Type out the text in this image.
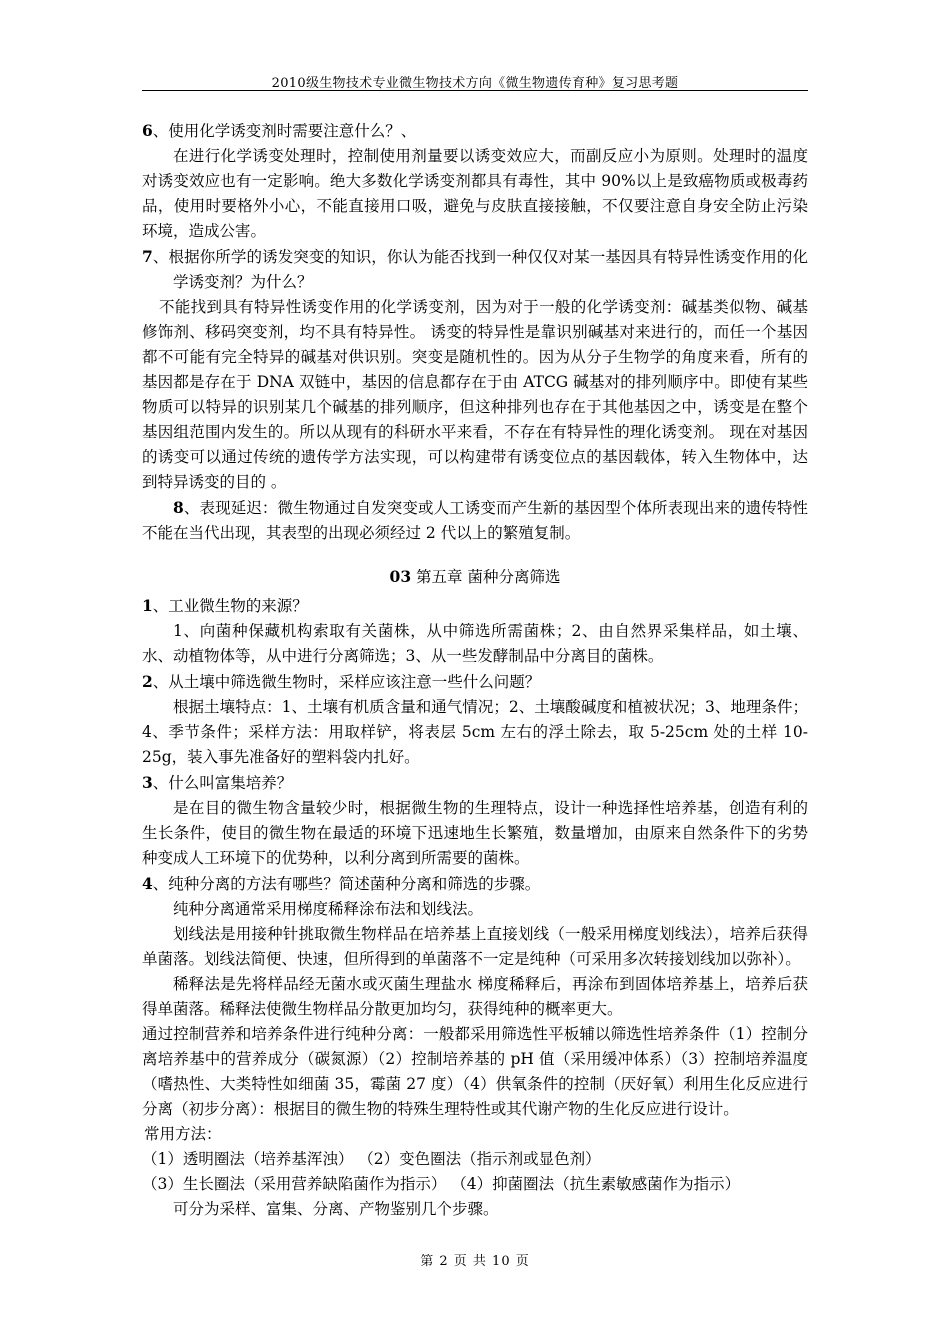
2010级生物技术专业微生物技术方向《微生物遗传育种》复习思考题

6、使用化学诱变剂时需要注意什么？、

在进行化学诱变处理时，控制使用剂量要以诱变效应大，而副反应小为原则。处理时的温度对诱变效应也有一定影响。绝大多数化学诱变剂都具有毒性，其中 90%以上是致癌物质或极毒药品，使用时要格外小心，不能直接用口吸，避免与皮肤直接接触，不仅要注意自身安全防止污染环境，造成公害。

7、根据你所学的诱发突变的知识，你认为能否找到一种仅仅对某一基因具有特异性诱变作用的化学诱变剂？为什么？

不能找到具有特异性诱变作用的化学诱变剂，因为对于一般的化学诱变剂：碱基类似物、碱基修饰剂、移码突变剂，均不具有特异性。 诱变的特异性是靠识别碱基对来进行的，而任一个基因都不可能有完全特异的碱基对供识别。突变是随机性的。因为从分子生物学的角度来看，所有的基因都是存在于 DNA 双链中，基因的信息都存在于由 ATCG 碱基对的排列顺序中。即使有某些物质可以特异的识别某几个碱基的排列顺序，但这种排列也存在于其他基因之中，诱变是在整个基因组范围内发生的。所以从现有的科研水平来看，不存在有特异性的理化诱变剂。 现在对基因的诱变可以通过传统的遗传学方法实现，可以构建带有诱变位点的基因载体，转入生物体中，达到特异诱变的目的 。

8、表现延迟：微生物通过自发突变或人工诱变而产生新的基因型个体所表现出来的遗传特性不能在当代出现，其表型的出现必须经过 2 代以上的繁殖复制。

03 第五章 菌种分离筛选

1、工业微生物的来源？

1、向菌种保藏机构索取有关菌株，从中筛选所需菌株；2、由自然界采集样品，如土壤、水、动植物体等，从中进行分离筛选；3、从一些发酵制品中分离目的菌株。

2、从土壤中筛选微生物时，采样应该注意一些什么问题？

根据土壤特点：1、土壤有机质含量和通气情况；2、土壤酸碱度和植被状况；3、地理条件；4、季节条件；采样方法：用取样铲，将表层 5cm 左右的浮土除去，取 5-25cm 处的土样 10-25g，装入事先准备好的塑料袋内扎好。

3、什么叫富集培养？

是在目的微生物含量较少时，根据微生物的生理特点，设计一种选择性培养基，创造有利的生长条件，使目的微生物在最适的环境下迅速地生长繁殖，数量增加，由原来自然条件下的劣势种变成人工环境下的优势种，以利分离到所需要的菌株。

4、纯种分离的方法有哪些？简述菌种分离和筛选的步骤。

纯种分离通常采用梯度稀释涂布法和划线法。

划线法是用接种针挑取微生物样品在培养基上直接划线（一般采用梯度划线法），培养后获得单菌落。划线法简便、快速，但所得到的单菌落不一定是纯种（可采用多次转接划线加以弥补）。

稀释法是先将样品经无菌水或灭菌生理盐水 梯度稀释后，再涂布到固体培养基上，培养后获得单菌落。稀释法使微生物样品分散更加均匀，获得纯种的概率更大。

通过控制营养和培养条件进行纯种分离：一般都采用筛选性平板辅以筛选性培养条件（1）控制分离培养基中的营养成分（碳氮源）（2）控制培养基的 pH 值（采用缓冲体系）（3）控制培养温度（嗜热性、大类特性如细菌 35，霉菌 27 度）（4）供氧条件的控制（厌好氧）利用生化反应进行分离（初步分离）：根据目的微生物的特殊生理特性或其代谢产物的生化反应进行设计。

常用方法：

（1）透明圈法（培养基浑浊） （2）变色圈法（指示剂或显色剂）

（3）生长圈法（采用营养缺陷菌作为指示） （4）抑菌圈法（抗生素敏感菌作为指示）

可分为采样、富集、分离、产物鉴别几个步骤。

第 2 页 共 10 页
